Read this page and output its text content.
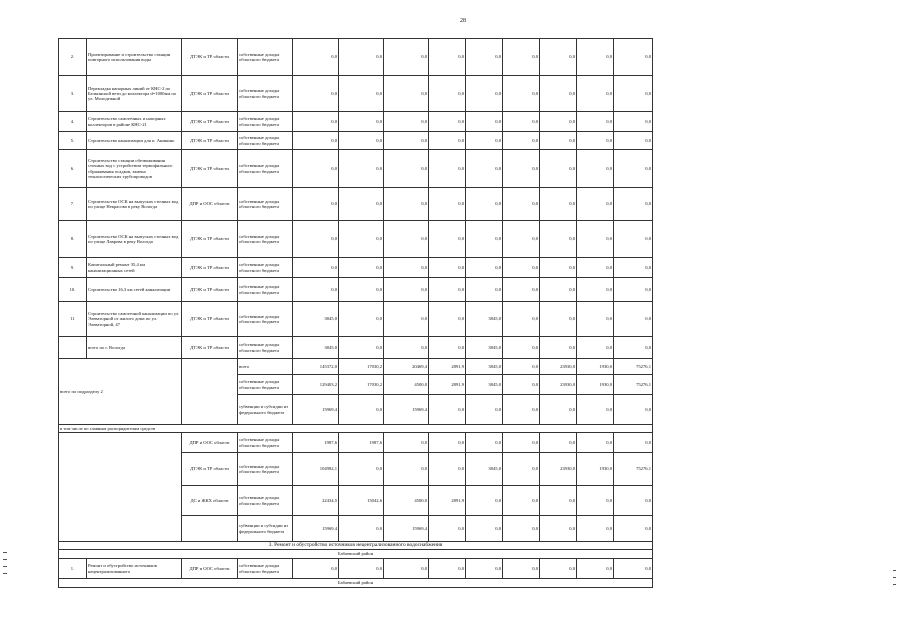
28
2.	Проектирование и строительство станции повторного использования воды	ДТЭК и ТР области	собственные доходы областного бюджета	0,0	0,0	0,0	0,0	0,0	0,0	0,0	0,0	0,0
3.	Перекладка напорных линий от КНС-2 по Белкинской вети до коллектора d=1000мм по ул. Молодежной	ДТЭК и ТР области	собственные доходы областного бюджета	0,0	0,0	0,0	0,0	0,0	0,0	0,0	0,0	0,0
4.	Строительство самотечных и напорных коллекторов в районе КНС-21	ДТЭК и ТР области	собственные доходы областного бюджета	0,0	0,0	0,0	0,0	0,0	0,0	0,0	0,0	0,0
5.	Строительство канализации для п. Аникино	ДТЭК и ТР области	собственные доходы областного бюджета	0,0	0,0	0,0	0,0	0,0	0,0	0,0	0,0	0,0
6.	Строительство станции обезвоживания сточных вод с устройством термофильного сбраживания осадков, замена технологических трубопроводов	ДТЭК и ТР области	собственные доходы областного бюджета	0,0	0,0	0,0	0,0	0,0	0,0	0,0	0,0	0,0
7.	Строительство ОСК на выпусках сточных вод по улице Некрасова в реку Вологда	ДПР и ООС области	собственные доходы областного бюджета	0,0	0,0	0,0	0,0	0,0	0,0	0,0	0,0	0,0
8.	Строительство ОСК на выпусках сточных вод по улице Лаврова в реку Вологда	ДТЭК и ТР области	собственные доходы областного бюджета	0,0	0,0	0,0	0,0	0,0	0,0	0,0	0,0	0,0
9.	Капитальный ремонт 35,4 км канализационных сетей	ДТЭК и ТР области	собственные доходы областного бюджета	0,0	0,0	0,0	0,0	0,0	0,0	0,0	0,0	0,0
10.	Строительство 16,3 км сетей канализации	ДТЭК и ТР области	собственные доходы областного бюджета	0,0	0,0	0,0	0,0	0,0	0,0	0,0	0,0	0,0
11	Строительство самотечной канализации по ул. Элеваторной от жилого дома по ул. Элеваторной, 47	ДТЭК и ТР области	собственные доходы областного бюджета	3845,0	0,0	0,0	0,0	3845,0	0,0	0,0	0,0	0,0
	всего по г. Вологда	ДТЭК и ТР области	собственные доходы областного бюджета	3845,0	0,0	0,0	0,0	3845,0	0,0	0,0	0,0	0,0
всего по подразделу 2			всего	145372,0	17030,2	20469,4	2891,9	3845,0	0,0	23930,0	1930,0	75276,1
			собственные доходы областного бюджета	129403,2	17030,2	4500,0	2891,9	3845,0	0,0	23930,0	1930,0	75276,1
			субвенции и субсидии из федерального бюджета	15969,4	0,0	15969,4	0,0	0,0	0,0	0,0	0,0	0,0
в том числе по главным распорядителям средств												
		ДПР и ООС области	собственные доходы областного бюджета	1987,6	1987,6	0,0	0,0	0,0	0,0	0,0	0,0	0,0
		ДТЭК и ТР области	собственные доходы областного бюджета	104982,1	0,0	0,0	0,0	3845,0	0,0	23930,0	1930,0	75276,1
		ДС и ЖКХ области	собственные доходы областного бюджета	22434,5	15042,6	4500,0	2891,9	0,0	0,0	0,0	0,0	0,0
			субвенции и субсидии из федерального бюджета	15969,4	0,0	15969,4	0,0	0,0	0,0	0,0	0,0	0,0
3. Ремонт и обустройство источников нецентрализованного водоснабжения												
Бабаевский район												
1.	Ремонт и обустройство источников нецентрализованного	ДПР и ООС области	собственные доходы областного бюджета	0,0	0,0	0,0	0,0	0,0	0,0	0,0	0,0	0,0
Бабаевский район												
